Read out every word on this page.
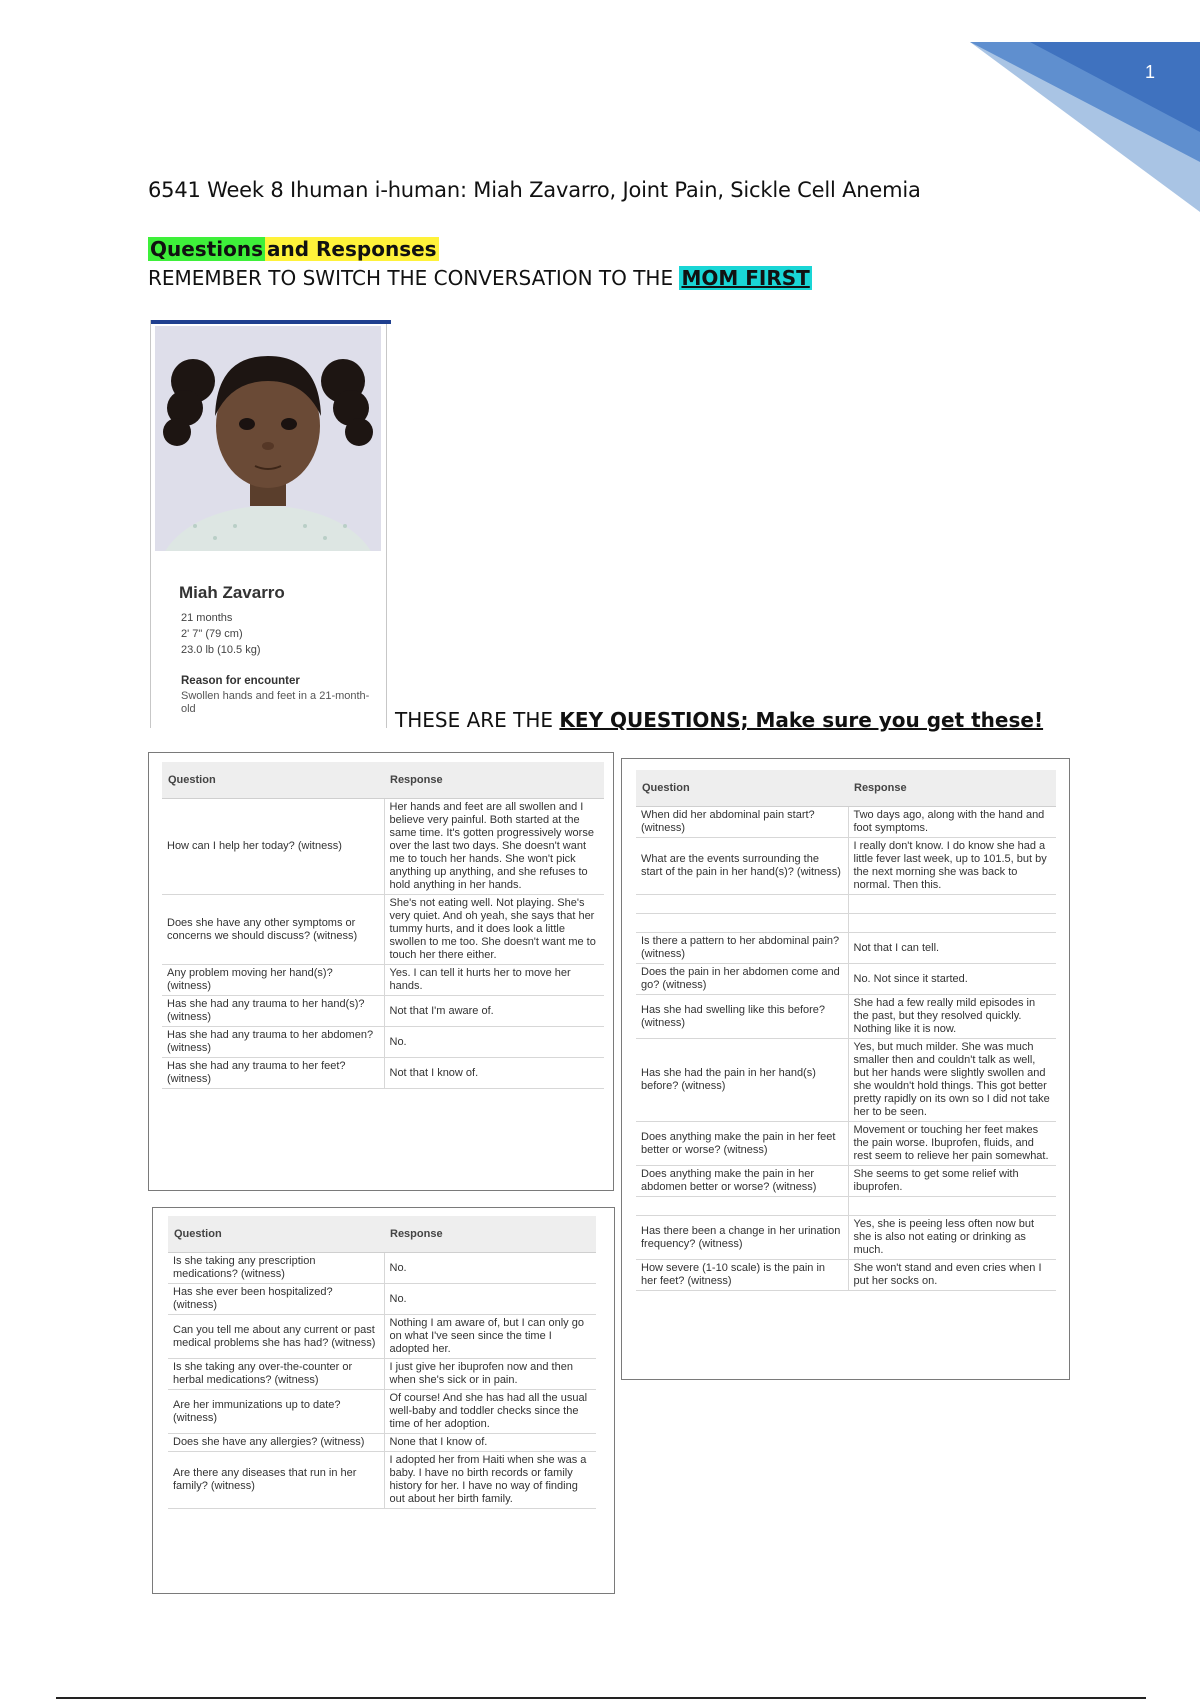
1
6541 Week 8 Ihuman i-human: Miah Zavarro, Joint Pain, Sickle Cell Anemia
Questions and Responses
REMEMBER TO SWITCH THE CONVERSATION TO THE MOM FIRST
Miah Zavarro
21 months
2' 7" (79 cm)
23.0 lb (10.5 kg)
Reason for encounter
Swollen hands and feet in a 21-month-old	THESE ARE THE KEY QUESTIONS; Make sure you get these!
Question	Response
How can I help her today? (witness)	Her hands and feet are all swollen and I believe very painful. Both started at the same time. It's gotten progressively worse over the last two days. She doesn't want me to touch her hands. She won't pick anything up anything, and she refuses to hold anything in her hands.
Does she have any other symptoms or concerns we should discuss? (witness)	She's not eating well. Not playing. She's very quiet. And oh yeah, she says that her tummy hurts, and it does look a little swollen to me too. She doesn't want me to touch her there either.
Any problem moving her hand(s)? (witness)	Yes. I can tell it hurts her to move her hands.
Has she had any trauma to her hand(s)? (witness)	Not that I'm aware of.
Has she had any trauma to her abdomen? (witness)	No.
Has she had any trauma to her feet? (witness)	Not that I know of.
Question	Response
Is she taking any prescription medications? (witness)	No.
Has she ever been hospitalized? (witness)	No.
Can you tell me about any current or past medical problems she has had? (witness)	Nothing I am aware of, but I can only go on what I've seen since the time I adopted her.
Is she taking any over-the-counter or herbal medications? (witness)	I just give her ibuprofen now and then when she's sick or in pain.
Are her immunizations up to date? (witness)	Of course! And she has had all the usual well-baby and toddler checks since the time of her adoption.
Does she have any allergies? (witness)	None that I know of.
Are there any diseases that run in her family? (witness)	I adopted her from Haiti when she was a baby. I have no birth records or family history for her. I have no way of finding out about her birth family.
Question	Response
When did her abdominal pain start? (witness)	Two days ago, along with the hand and foot symptoms.
What are the events surrounding the start of the pain in her hand(s)? (witness)	I really don't know. I do know she had a little fever last week, up to 101.5, but by the next morning she was back to normal. Then this.

Is there a pattern to her abdominal pain? (witness)	Not that I can tell.
Does the pain in her abdomen come and go? (witness)	No. Not since it started.
Has she had swelling like this before? (witness)	She had a few really mild episodes in the past, but they resolved quickly. Nothing like it is now.
Has she had the pain in her hand(s) before? (witness)	Yes, but much milder. She was much smaller then and couldn't talk as well, but her hands were slightly swollen and she wouldn't hold things. This got better pretty rapidly on its own so I did not take her to be seen.
Does anything make the pain in her feet better or worse? (witness)	Movement or touching her feet makes the pain worse. Ibuprofen, fluids, and rest seem to relieve her pain somewhat.
Does anything make the pain in her abdomen better or worse? (witness)	She seems to get some relief with ibuprofen.

Has there been a change in her urination frequency? (witness)	Yes, she is peeing less often now but she is also not eating or drinking as much.
How severe (1-10 scale) is the pain in her feet? (witness)	She won't stand and even cries when I put her socks on.
